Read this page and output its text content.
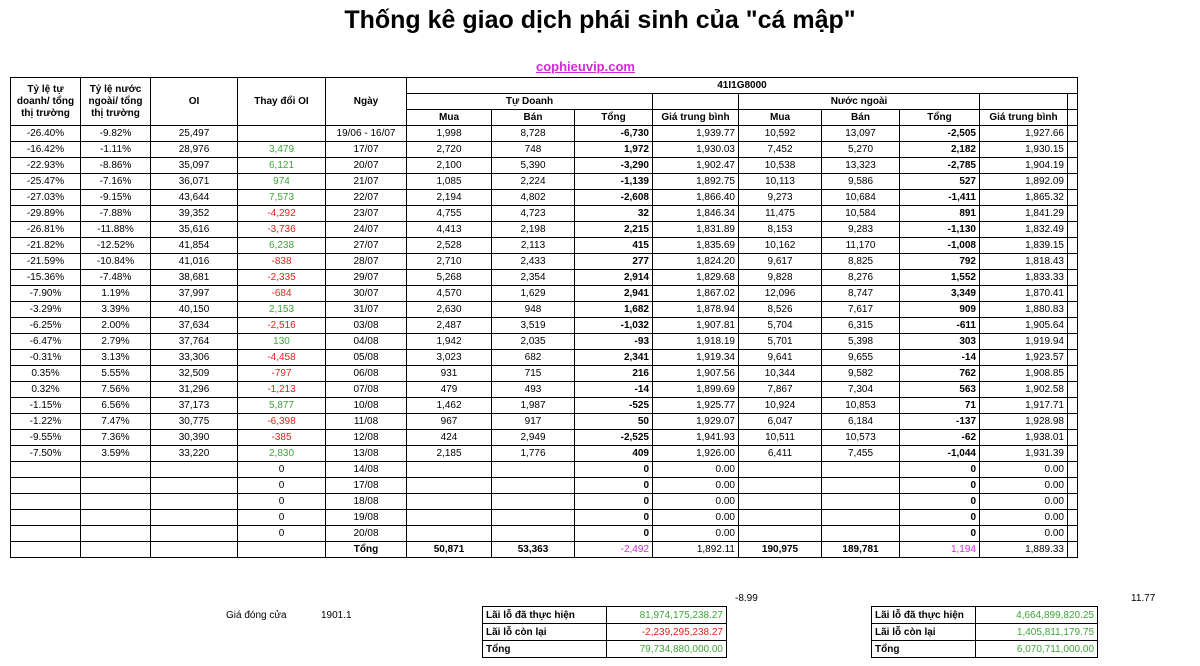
Thống kê giao dịch phái sinh của "cá mập"
cophieuvip.com
Tỷ lệ tự doanh/ tổng thị trường	Tỷ lệ nước ngoài/ tổng thị trường	OI	Thay đổi OI	Ngày	41I1G8000								
					Tự Doanh				Nước ngoài				
					Mua	Bán	Tổng	Giá trung bình	Mua	Bán	Tổng	Giá trung bình	
-26.40%	-9.82%	25,497		19/06 - 16/07	1,998	8,728	-6,730	1,939.77	10,592	13,097	-2,505	1,927.66	
-16.42%	-1.11%	28,976	3,479	17/07	2,720	748	1,972	1,930.03	7,452	5,270	2,182	1,930.15	
-22.93%	-8.86%	35,097	6,121	20/07	2,100	5,390	-3,290	1,902.47	10,538	13,323	-2,785	1,904.19	
-25.47%	-7.16%	36,071	974	21/07	1,085	2,224	-1,139	1,892.75	10,113	9,586	527	1,892.09	
-27.03%	-9.15%	43,644	7,573	22/07	2,194	4,802	-2,608	1,866.40	9,273	10,684	-1,411	1,865.32	
-29.89%	-7.88%	39,352	-4,292	23/07	4,755	4,723	32	1,846.34	11,475	10,584	891	1,841.29	
-26.81%	-11.88%	35,616	-3,736	24/07	4,413	2,198	2,215	1,831.89	8,153	9,283	-1,130	1,832.49	
-21.82%	-12.52%	41,854	6,238	27/07	2,528	2,113	415	1,835.69	10,162	11,170	-1,008	1,839.15	
-21.59%	-10.84%	41,016	-838	28/07	2,710	2,433	277	1,824.20	9,617	8,825	792	1,818.43	
-15.36%	-7.48%	38,681	-2,335	29/07	5,268	2,354	2,914	1,829.68	9,828	8,276	1,552	1,833.33	
-7.90%	1.19%	37,997	-684	30/07	4,570	1,629	2,941	1,867.02	12,096	8,747	3,349	1,870.41	
-3.29%	3.39%	40,150	2,153	31/07	2,630	948	1,682	1,878.94	8,526	7,617	909	1,880.83	
-6.25%	2.00%	37,634	-2,516	03/08	2,487	3,519	-1,032	1,907.81	5,704	6,315	-611	1,905.64	
-6.47%	2.79%	37,764	130	04/08	1,942	2,035	-93	1,918.19	5,701	5,398	303	1,919.94	
-0.31%	3.13%	33,306	-4,458	05/08	3,023	682	2,341	1,919.34	9,641	9,655	-14	1,923.57	
0.35%	5.55%	32,509	-797	06/08	931	715	216	1,907.56	10,344	9,582	762	1,908.85	
0.32%	7.56%	31,296	-1,213	07/08	479	493	-14	1,899.69	7,867	7,304	563	1,902.58	
-1.15%	6.56%	37,173	5,877	10/08	1,462	1,987	-525	1,925.77	10,924	10,853	71	1,917.71	
-1.22%	7.47%	30,775	-6,398	11/08	967	917	50	1,929.07	6,047	6,184	-137	1,928.98	
-9.55%	7.36%	30,390	-385	12/08	424	2,949	-2,525	1,941.93	10,511	10,573	-62	1,938.01	
-7.50%	3.59%	33,220	2,830	13/08	2,185	1,776	409	1,926.00	6,411	7,455	-1,044	1,931.39	
			0	14/08			0	0.00			0	0.00	
			0	17/08			0	0.00			0	0.00	
			0	18/08			0	0.00			0	0.00	
			0	19/08			0	0.00			0	0.00	
			0	20/08			0	0.00			0	0.00	
				Tổng	50,871	53,363	-2,492	1,892.11	190,975	189,781	1,194	1,889.33	
-8.99	11.77
Giá đóng cửa	1901.1	Lãi lỗ đã thực hiện	81,974,175,238.27
Lãi lỗ còn lại	-2,239,295,238.27
Tổng	79,734,880,000.00
Lãi lỗ đã thực hiện	4,664,899,820.25
Lãi lỗ còn lại	1,405,811,179.75
Tổng	6,070,711,000.00
